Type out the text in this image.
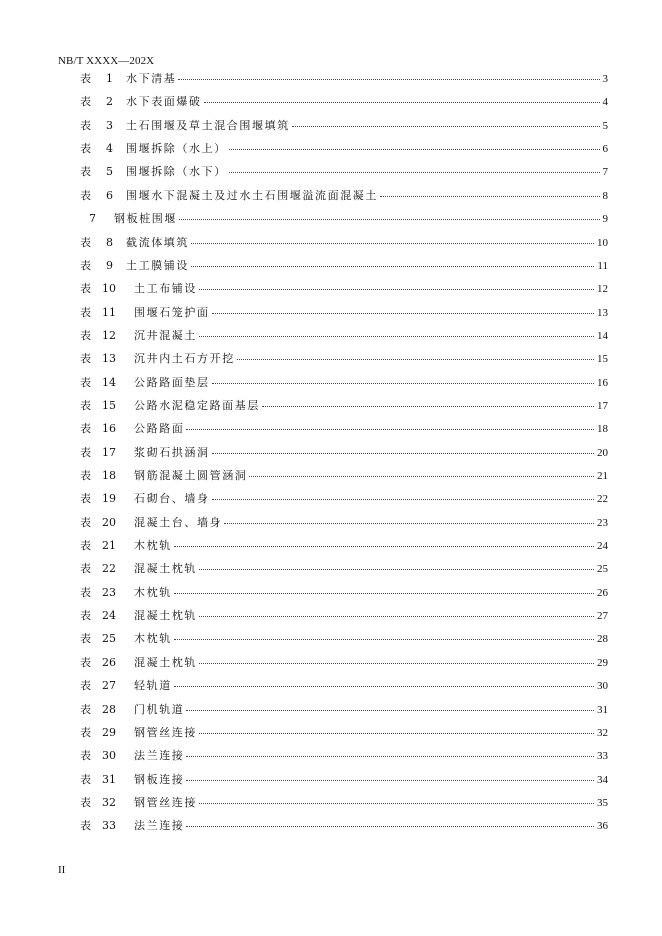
NB/T XXXX—202X
表 1 水下清基	3
表 2 水下表面爆破	4
表 3 土石围堰及草土混合围堰填筑	5
表 4 围堰拆除（水上）	6
表 5 围堰拆除（水下）	7
表 6 围堰水下混凝土及过水土石围堰溢流面混凝土	8
7 钢板桩围堰	9
表 8 截流体填筑	10
表 9 土工膜铺设	11
表 10 土工布铺设	12
表 11 围堰石笼护面	13
表 12 沉井混凝土	14
表 13 沉井内土石方开挖	15
表 14 公路路面垫层	16
表 15 公路水泥稳定路面基层	17
表 16 公路路面	18
表 17 浆砌石拱涵洞	20
表 18 钢筋混凝土圆管涵洞	21
表 19 石砌台、墙身	22
表 20 混凝土台、墙身	23
表 21 木枕轨	24
表 22 混凝土枕轨	25
表 23 木枕轨	26
表 24 混凝土枕轨	27
表 25 木枕轨	28
表 26 混凝土枕轨	29
表 27 轻轨道	30
表 28 门机轨道	31
表 29 钢管丝连接	32
表 30 法兰连接	33
表 31 钢板连接	34
表 32 钢管丝连接	35
表 33 法兰连接	36
II
